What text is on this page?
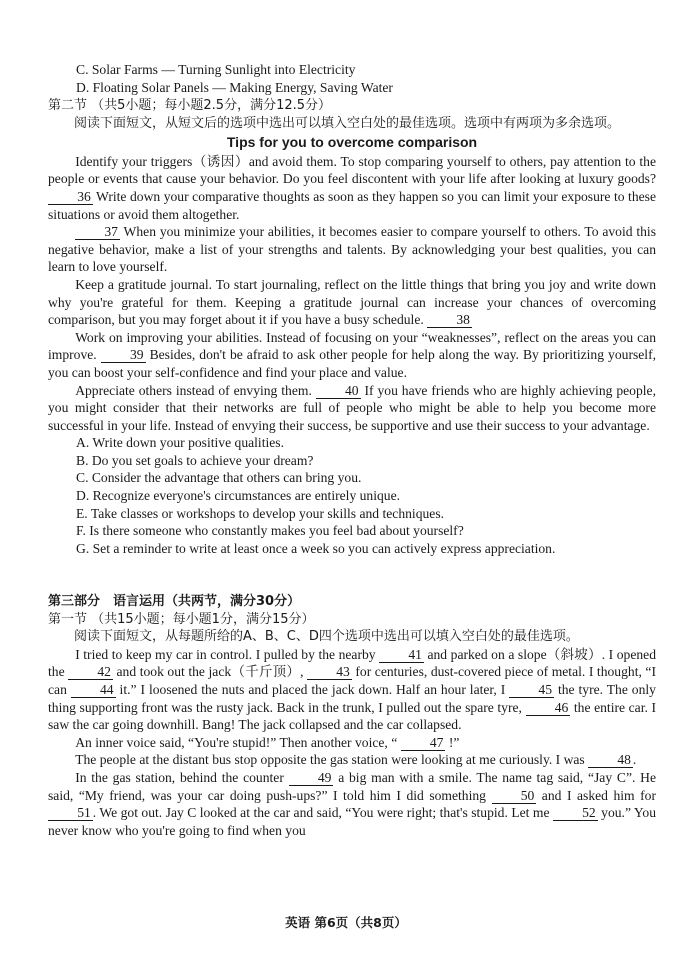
C. Solar Farms — Turning Sunlight into Electricity

D. Floating Solar Panels — Making Energy, Saving Water

第二节 （共5小题；每小题2.5分，满分12.5分）

阅读下面短文，从短文后的选项中选出可以填入空白处的最佳选项。选项中有两项为多余选项。

Tips for you to overcome comparison

Identify your triggers（诱因）and avoid them. To stop comparing yourself to others, pay attention to the people or events that cause your behavior. Do you feel discontent with your life after looking at luxury goods? 36 Write down your comparative thoughts as soon as they happen so you can limit your exposure to these situations or avoid them altogether.

37 When you minimize your abilities, it becomes easier to compare yourself to others. To avoid this negative behavior, make a list of your strengths and talents. By acknowledging your best qualities, you can learn to love yourself.

Keep a gratitude journal. To start journaling, reflect on the little things that bring you joy and write down why you're grateful for them. Keeping a gratitude journal can increase your chances of overcoming comparison, but you may forget about it if you have a busy schedule. 38

Work on improving your abilities. Instead of focusing on your “weaknesses”, reflect on the areas you can improve. 39 Besides, don't be afraid to ask other people for help along the way. By prioritizing yourself, you can boost your self-confidence and find your place and value.

Appreciate others instead of envying them. 40 If you have friends who are highly achieving people, you might consider that their networks are full of people who might be able to help you become more successful in your life. Instead of envying their success, be supportive and use their success to your advantage.

A. Write down your positive qualities.

B. Do you set goals to achieve your dream?

C. Consider the advantage that others can bring you.

D. Recognize everyone's circumstances are entirely unique.

E. Take classes or workshops to develop your skills and techniques.

F. Is there someone who constantly makes you feel bad about yourself?

G. Set a reminder to write at least once a week so you can actively express appreciation.

第三部分　语言运用（共两节，满分30分）

第一节 （共15小题；每小题1分，满分15分）

阅读下面短文，从每题所给的A、B、C、D四个选项中选出可以填入空白处的最佳选项。

I tried to keep my car in control. I pulled by the nearby 41 and parked on a slope（斜坡）. I opened the 42 and took out the jack（千斤顶）, 43 for centuries, dust-covered piece of metal. I thought, “I can 44 it.” I loosened the nuts and placed the jack down. Half an hour later, I 45 the tyre. The only thing supporting front was the rusty jack. Back in the trunk, I pulled out the spare tyre, 46 the entire car. I saw the car going downhill. Bang! The jack collapsed and the car collapsed.

An inner voice said, “You're stupid!” Then another voice, “ 47 !”

The people at the distant bus stop opposite the gas station were looking at me curiously. I was 48 .

In the gas station, behind the counter 49 a big man with a smile. The name tag said, “Jay C”. He said, “My friend, was your car doing push-ups?” I told him I did something 50 and I asked him for 51 . We got out. Jay C looked at the car and said, “You were right; that's stupid. Let me 52 you.” You never know who you're going to find when you

英语 第6页（共8页）
